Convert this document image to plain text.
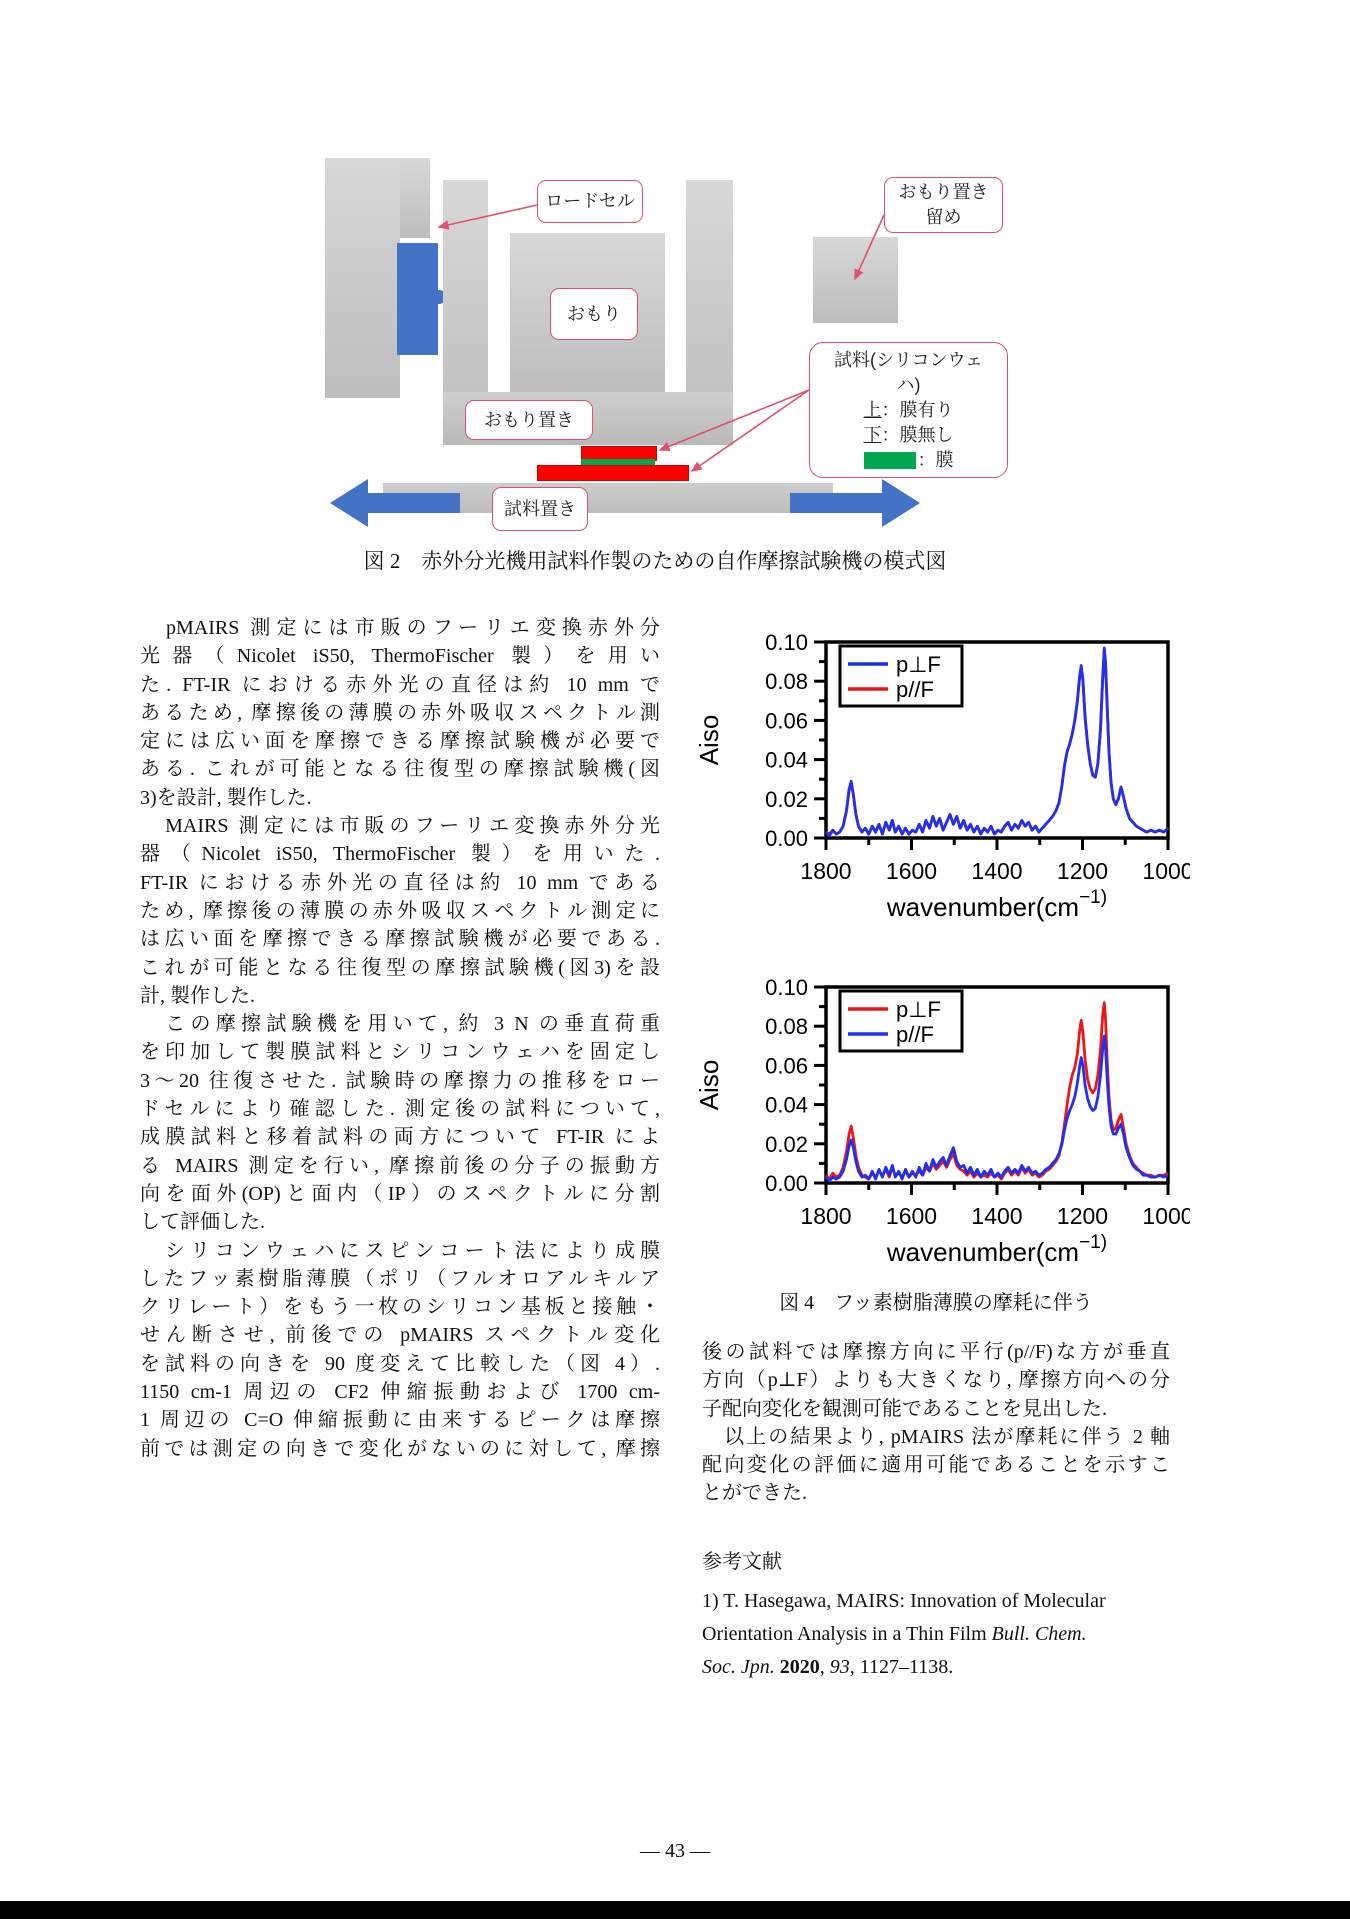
ロードセル
おもり
おもり置き
試料置き
おもり置き
留め
試料(シリコンウェ
ハ)
上 ：膜有り
下 ：膜無し
：膜
図 2　赤外分光機用試料作製のための自作摩擦試験機の模式図
　pMAIRS 測定には市販のフーリエ変換赤外分
光器（Nicolet iS50, ThermoFischer 製）を用い
た. FT-IR における赤外光の直径は約 10 mm で
あるため, 摩擦後の薄膜の赤外吸収スペクトル測
定には広い面を摩擦できる摩擦試験機が必要で
ある. これが可能となる往復型の摩擦試験機(図
3)を設計, 製作した.
　MAIRS 測定には市販のフーリエ変換赤外分光
器（Nicolet iS50, ThermoFischer 製）を用いた.
FT-IR における赤外光の直径は約 10 mm である
ため, 摩擦後の薄膜の赤外吸収スペクトル測定に
は広い面を摩擦できる摩擦試験機が必要である.
これが可能となる往復型の摩擦試験機(図3)を設
計, 製作した.
　この摩擦試験機を用いて, 約 3 N の垂直荷重
を印加して製膜試料とシリコンウェハを固定し
3〜20 往復させた. 試験時の摩擦力の推移をロー
ドセルにより確認した. 測定後の試料について,
成膜試料と移着試料の両方について FT-IR によ
る MAIRS 測定を行い, 摩擦前後の分子の振動方
向を面外(OP)と面内（IP）のスペクトルに分割
して評価した.
　シリコンウェハにスピンコート法により成膜
したフッ素樹脂薄膜（ポリ（フルオロアルキルア
クリレート）をもう一枚のシリコン基板と接触・
せん断させ, 前後での pMAIRS スペクトル変化
を試料の向きを 90 度変えて比較した（図 4）.
1150 cm-1 周辺の CF2 伸縮振動および 1700 cm-
1 周辺の C=O 伸縮振動に由来するピークは摩擦
前では測定の向きで変化がないのに対して, 摩擦
0.00
0.02
0.04
0.06
0.08
0.10
1800 1600 1400 1200 1000
Aiso
$wavenumber(cm^{-1})$
p⊥F
p//F
0.00
0.02
0.04
0.06
0.08
0.10
1800 1600 1400 1200 1000
Aiso
$wavenumber(cm^{-1})$
p⊥F
p//F
図 4　フッ素樹脂薄膜の摩耗に伴う
後の試料では摩擦方向に平行(p//F)な方が垂直
方向（p⊥F）よりも大きくなり, 摩擦方向への分
子配向変化を観測可能であることを見出した.
　以上の結果より, pMAIRS 法が摩耗に伴う 2 軸
配向変化の評価に適用可能であることを示すこ
とができた.
参考文献
1) T. Hasegawa, MAIRS: Innovation of Molecular
Orientation Analysis in a Thin Film Bull. Chem.
Soc. Jpn. 2020, 93, 1127–1138.
— 43 —
